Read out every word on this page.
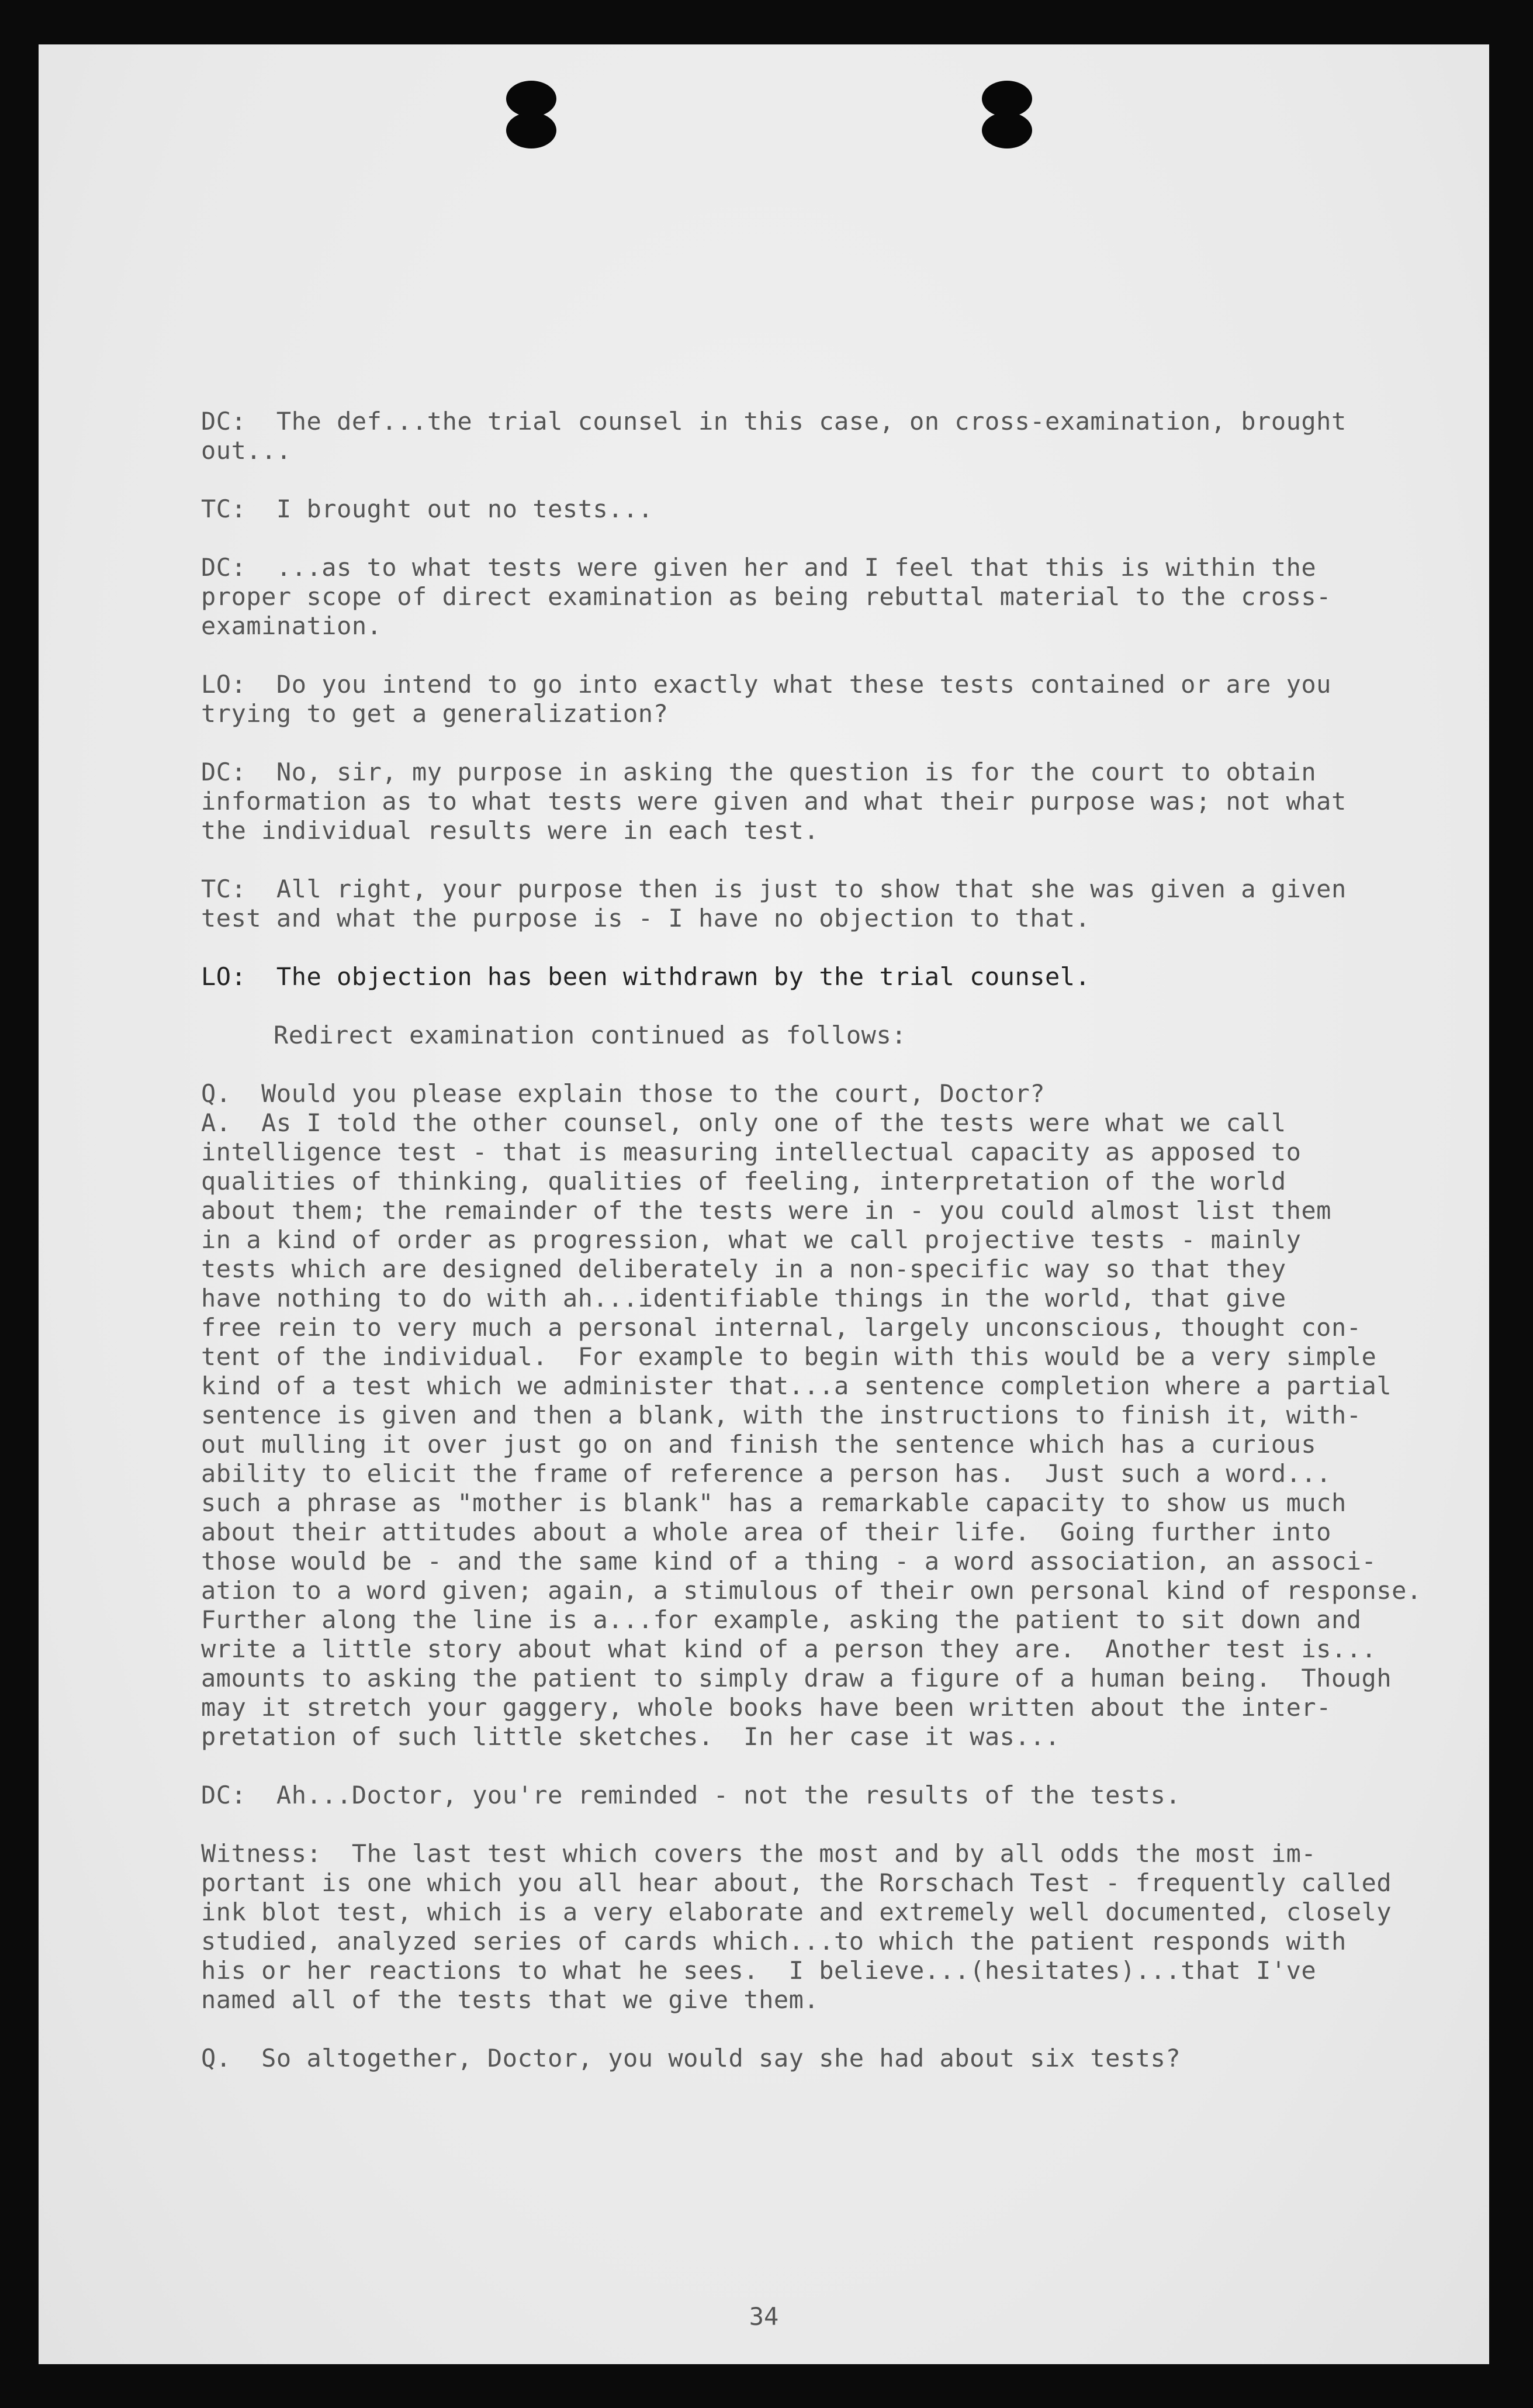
DC:  The def...the trial counsel in this case, on cross-examination, brought
out...
TC:  I brought out no tests...
DC:  ...as to what tests were given her and I feel that this is within the
proper scope of direct examination as being rebuttal material to the cross-
examination.
LO:  Do you intend to go into exactly what these tests contained or are you
trying to get a generalization?
DC:  No, sir, my purpose in asking the question is for the court to obtain
information as to what tests were given and what their purpose was; not what
the individual results were in each test.
TC:  All right, your purpose then is just to show that she was given a given
test and what the purpose is - I have no objection to that.
LO:  The objection has been withdrawn by the trial counsel.
Redirect examination continued as follows:
Q.  Would you please explain those to the court, Doctor?
A.  As I told the other counsel, only one of the tests were what we call
intelligence test - that is measuring intellectual capacity as apposed to
qualities of thinking, qualities of feeling, interpretation of the world
about them; the remainder of the tests were in - you could almost list them
in a kind of order as progression, what we call projective tests - mainly
tests which are designed deliberately in a non-specific way so that they
have nothing to do with ah...identifiable things in the world, that give
free rein to very much a personal internal, largely unconscious, thought con-
tent of the individual.  For example to begin with this would be a very simple
kind of a test which we administer that...a sentence completion where a partial
sentence is given and then a blank, with the instructions to finish it, with-
out mulling it over just go on and finish the sentence which has a curious
ability to elicit the frame of reference a person has.  Just such a word...
such a phrase as "mother is blank" has a remarkable capacity to show us much
about their attitudes about a whole area of their life.  Going further into
those would be - and the same kind of a thing - a word association, an associ-
ation to a word given; again, a stimulous of their own personal kind of response.
Further along the line is a...for example, asking the patient to sit down and
write a little story about what kind of a person they are.  Another test is...
amounts to asking the patient to simply draw a figure of a human being.  Though
may it stretch your gaggery, whole books have been written about the inter-
pretation of such little sketches.  In her case it was...
DC:  Ah...Doctor, you're reminded - not the results of the tests.
Witness:  The last test which covers the most and by all odds the most im-
portant is one which you all hear about, the Rorschach Test - frequently called
ink blot test, which is a very elaborate and extremely well documented, closely
studied, analyzed series of cards which...to which the patient responds with
his or her reactions to what he sees.  I believe...(hesitates)...that I've
named all of the tests that we give them.
Q.  So altogether, Doctor, you would say she had about six tests?
34
